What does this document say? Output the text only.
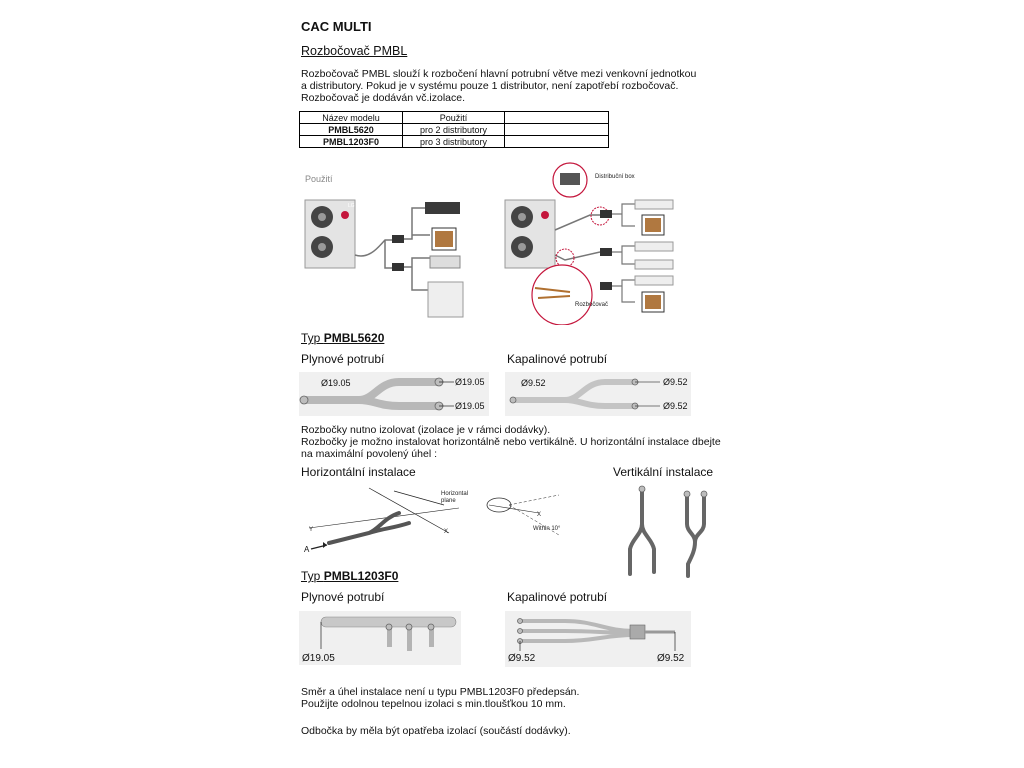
CAC MULTI
Rozbočovač PMBL
Rozbočovač PMBL slouží k rozbočení hlavní potrubní větve mezi venkovní jednotkou
a distributory. Pokud je v systému pouze 1 distributor, není zapotřebí rozbočovač.
Rozbočovač je dodáván vč.izolace.
Název modelu	Použití	
PMBL5620	pro 2 distributory	
PMBL1203F0	pro 3 distributory	
Použití
LG
Distribuční box
Rozbočovač
Typ PMBL5620
Plynové potrubí	Kapalinové potrubí
Ø19.05	Ø19.05
Ø19.05
Ø9.52	Ø9.52
Ø9.52
Rozbočky nutno izolovat (izolace je v rámci dodávky).
Rozbočky je možno instalovat horizontálně nebo vertikálně. U horizontální instalace dbejte
na maximální povolený úhel :
Horizontální instalace	Vertikální instalace
A
Y	X
Horizontal
plane
X
Within 10°
Typ PMBL1203F0
Plynové potrubí	Kapalinové potrubí
Ø19.05	Ø9.52	Ø9.52
Směr a úhel instalace není u typu PMBL1203F0 předepsán.
Použijte odolnou tepelnou izolaci s min.tloušťkou 10 mm.
Odbočka by měla být opatřeba izolací (součástí dodávky).
